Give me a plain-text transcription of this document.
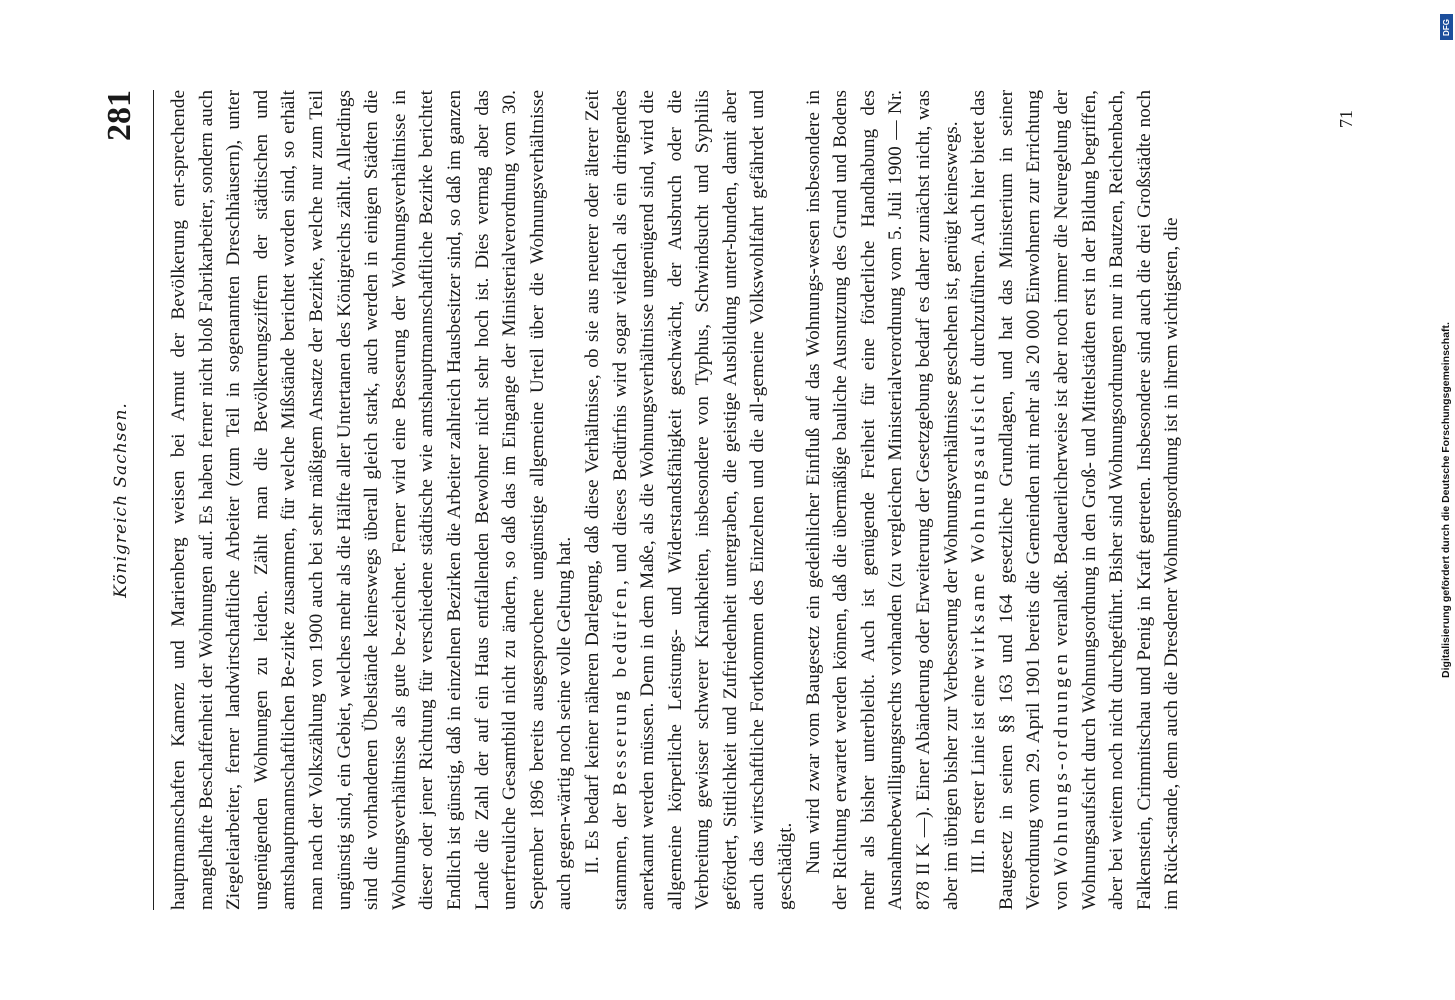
Königreich Sachsen.
281 hauptmannschaften Kamenz und Marienberg weisen bei Armut der Bevölkerung ent-sprechende mangelhafte Beschaffenheit der Wohnungen auf. Es haben ferner nicht bloß Fabrikarbeiter, sondern auch Ziegeleiarbeiter, ferner landwirtschaftliche Arbeiter (zum Teil in sogenannten Dreschhäusern), unter ungenügenden Wohnungen zu leiden. Zählt man die Bevölkerungsziffern der städtischen und amtshauptmannschaftlichen Be-zirke zusammen, für welche Mißstände berichtet worden sind, so erhält man nach der Volkszählung von 1900 auch bei sehr mäßigem Ansatze der Bezirke, welche nur zum Teil ungünstig sind, ein Gebiet, welches mehr als die Hälfte aller Untertanen des Königreichs zählt. Allerdings sind die vorhandenen Übelstände keineswegs überall gleich stark, auch werden in einigen Städten die Wohnungsverhältnisse als gute be-zeichnet. Ferner wird eine Besserung der Wohnungsverhältnisse in dieser oder jener Richtung für verschiedene städtische wie amtshauptmannschaftliche Bezirke berichtet Endlich ist günstig, daß in einzelnen Bezirken die Arbeiter zahlreich Hausbesitzer sind, so daß im ganzen Lande die Zahl der auf ein Haus entfallenden Bewohner nicht sehr hoch ist. Dies vermag aber das unerfreuliche Gesamtbild nicht zu ändern, so daß das im Eingange der Ministerialverordnung vom 30. September 1896 bereits ausgesprochene ungünstige allgemeine Urteil über die Wohnungsverhältnisse auch gegen-wärtig noch seine volle Geltung hat. II. Es bedarf keiner näheren Darlegung, daß diese Verhältnisse, ob sie aus neuerer oder älterer Zeit stammen, der Besserung bedürfen, und dieses Bedürfnis wird sogar vielfach als ein dringendes anerkannt werden müssen. Denn in dem Maße, als die Wohnungsverhältnisse ungenügend sind, wird die allgemeine körperliche Leistungs- und Widerstandsfähigkeit geschwächt, der Ausbruch oder die Verbreitung gewisser schwerer Krankheiten, insbesondere von Typhus, Schwindsucht und Syphilis gefördert, Sittlichkeit und Zufriedenheit untergraben, die geistige Ausbildung unter-bunden, damit aber auch das wirtschaftliche Fortkommen des Einzelnen und die all-gemeine Volkswohlfahrt gefährdet und geschädigt. Nun wird zwar vom Baugesetz ein gedeihlicher Einfluß auf das Wohnungs-wesen insbesondere in der Richtung erwartet werden können, daß die übermäßige bauliche Ausnutzung des Grund und Bodens mehr als bisher unterbleibt. Auch ist genügende Freiheit für eine förderliche Handhabung des Ausnahmebewilligungsrechts vorhanden (zu vergleichen Ministerialverordnung vom 5. Juli 1900 — Nr. 878 II K —). Einer Abänderung oder Erweiterung der Gesetzgebung bedarf es daher zunächst nicht, was aber im übrigen bisher zur Verbesserung der Wohnungsverhältnisse geschehen ist, genügt keineswegs. III. In erster Linie ist eine wirksame Wohnungsaufsicht durchzuführen. Auch hier bietet das Baugesetz in seinen §§ 163 und 164 gesetzliche Grundlagen, und hat das Ministerium in seiner Verordnung vom 29. April 1901 bereits die Gemeinden mit mehr als 20 000 Einwohnern zur Errichtung von Wohnungs-ordnungen veranlaßt. Bedauerlicherweise ist aber noch immer die Neuregelung der Wohnungsaufsicht durch Wohnungsordnung in den Groß- und Mittelstädten erst in der Bildung begriffen, aber bei weitem noch nicht durchgeführt. Bisher sind Wohnungsordnungen nur in Bautzen, Reichenbach, Falkenstein, Crimmitschau und Penig in Kraft getreten. Insbesondere sind auch die drei Großstädte noch im Rück-stande, denn auch die Dresdener Wohnungsordnung ist in ihrem wichtigsten, die

71
Digitalisierung gefördert durch die Deutsche Forschungsgemeinschaft.
DFG
